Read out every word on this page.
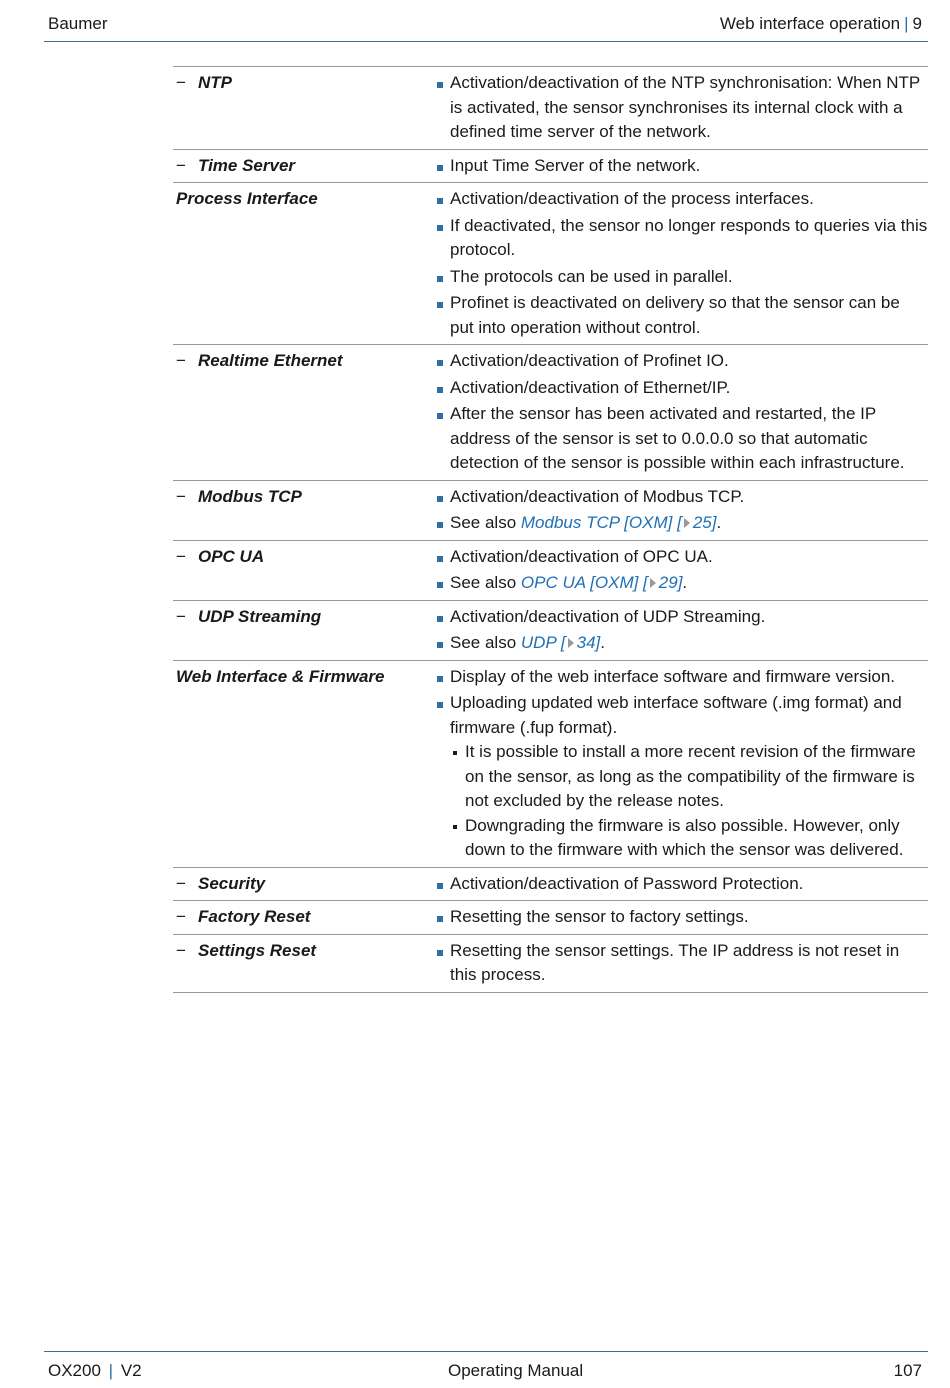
Baumer	Web interface operation | 9
− NTP	Activation/deactivation of the NTP synchronisation: When NTP is activated, the sensor synchronises its internal clock with a defined time server of the network.
− Time Server	Input Time Server of the network.
Process Interface	Activation/deactivation of the process interfaces.
If deactivated, the sensor no longer responds to queries via this protocol.
The protocols can be used in parallel.
Profinet is deactivated on delivery so that the sensor can be put into operation without control.
− Realtime Ethernet	Activation/deactivation of Profinet IO.
Activation/deactivation of Ethernet/IP.
After the sensor has been activated and restarted, the IP address of the sensor is set to 0.0.0.0 so that automatic detection of the sensor is possible within each infrastructure.
− Modbus TCP	Activation/deactivation of Modbus TCP.
See also Modbus TCP [OXM] [ 25].
− OPC UA	Activation/deactivation of OPC UA.
See also OPC UA [OXM] [ 29].
− UDP Streaming	Activation/deactivation of UDP Streaming.
See also UDP [ 34].
Web Interface & Firmware	Display of the web interface software and firmware version.
Uploading updated web interface software (.img format) and firmware (.fup format).
It is possible to install a more recent revision of the firmware on the sensor, as long as the compatibility of the firmware is not excluded by the release notes.
Downgrading the firmware is also possible. However, only down to the firmware with which the sensor was delivered.
− Security	Activation/deactivation of Password Protection.
− Factory Reset	Resetting the sensor to factory settings.
− Settings Reset	Resetting the sensor settings. The IP address is not reset in this process.
OX200 | V2	Operating Manual	107
